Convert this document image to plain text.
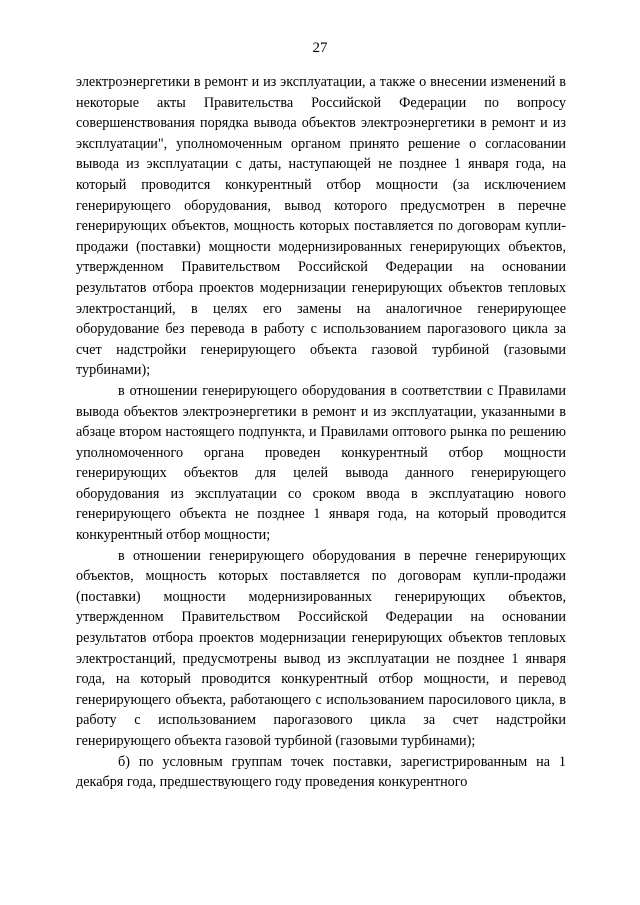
27

электроэнергетики в ремонт и из эксплуатации, а также о внесении изменений в некоторые акты Правительства Российской Федерации по вопросу совершенствования порядка вывода объектов электроэнергетики в ремонт и из эксплуатации", уполномоченным органом принято решение о согласовании вывода из эксплуатации с даты, наступающей не позднее 1 января года, на который проводится конкурентный отбор мощности (за исключением генерирующего оборудования, вывод которого предусмотрен в перечне генерирующих объектов, мощность которых поставляется по договорам купли-продажи (поставки) мощности модернизированных генерирующих объектов, утвержденном Правительством Российской Федерации на основании результатов отбора проектов модернизации генерирующих объектов тепловых электростанций, в целях его замены на аналогичное генерирующее оборудование без перевода в работу с использованием парогазового цикла за счет надстройки генерирующего объекта газовой турбиной (газовыми турбинами);

в отношении генерирующего оборудования в соответствии с Правилами вывода объектов электроэнергетики в ремонт и из эксплуатации, указанными в абзаце втором настоящего подпункта, и Правилами оптового рынка по решению уполномоченного органа проведен конкурентный отбор мощности генерирующих объектов для целей вывода данного генерирующего оборудования из эксплуатации со сроком ввода в эксплуатацию нового генерирующего объекта не позднее 1 января года, на который проводится конкурентный отбор мощности;

в отношении генерирующего оборудования в перечне генерирующих объектов, мощность которых поставляется по договорам купли-продажи (поставки) мощности модернизированных генерирующих объектов, утвержденном Правительством Российской Федерации на основании результатов отбора проектов модернизации генерирующих объектов тепловых электростанций, предусмотрены вывод из эксплуатации не позднее 1 января года, на который проводится конкурентный отбор мощности, и перевод генерирующего объекта, работающего с использованием паросилового цикла, в работу с использованием парогазового цикла за счет надстройки генерирующего объекта газовой турбиной (газовыми турбинами);

б) по условным группам точек поставки, зарегистрированным на 1 декабря года, предшествующего году проведения конкурентного
